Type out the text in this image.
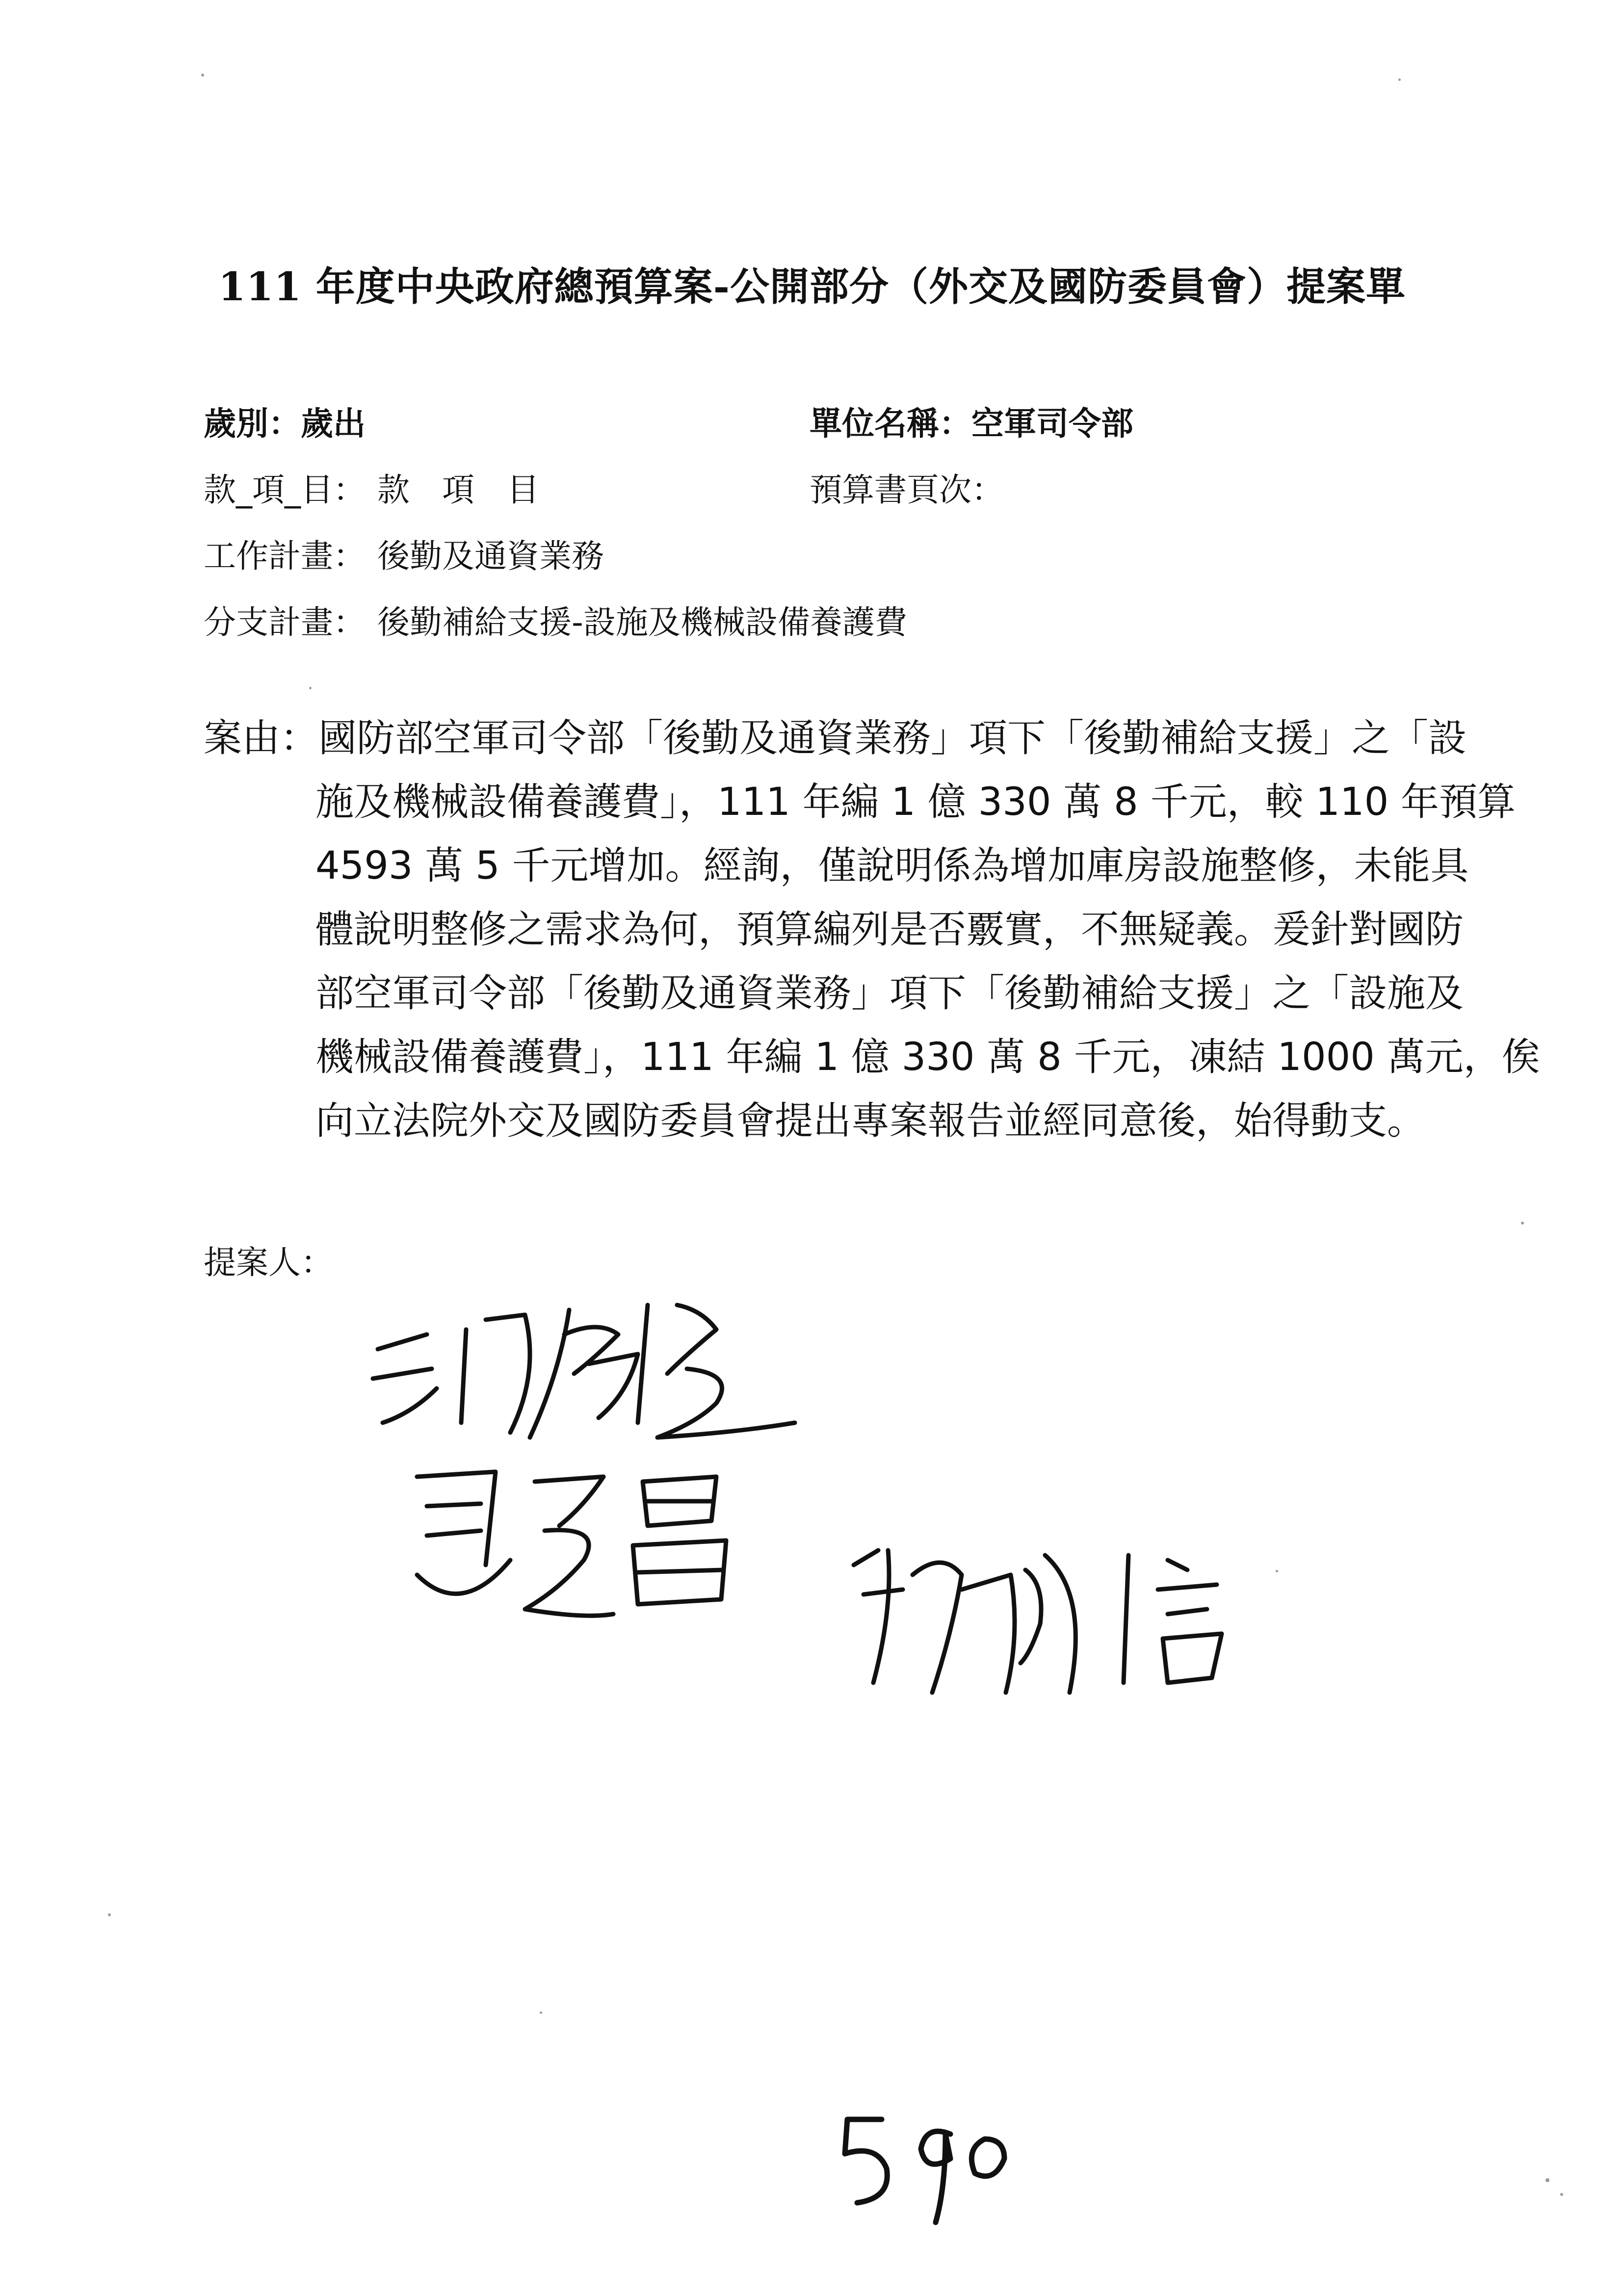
111 年度中央政府總預算案-公開部分（外交及國防委員會）提案單
歲別：歲出	單位名稱：空軍司令部
款_項_目： 款　項　目	預算書頁次：
工作計畫： 後勤及通資業務
分支計畫： 後勤補給支援-設施及機械設備養護費
案由：國防部空軍司令部「後勤及通資業務」項下「後勤補給支援」之「設
施及機械設備養護費」，111 年編 1 億 330 萬 8 千元，較 110 年預算
4593 萬 5 千元增加。經詢，僅說明係為增加庫房設施整修，未能具
體說明整修之需求為何，預算編列是否覈實，不無疑義。爰針對國防
部空軍司令部「後勤及通資業務」項下「後勤補給支援」之「設施及
機械設備養護費」，111 年編 1 億 330 萬 8 千元，凍結 1000 萬元，俟
向立法院外交及國防委員會提出專案報告並經同意後，始得動支。
提案人：
